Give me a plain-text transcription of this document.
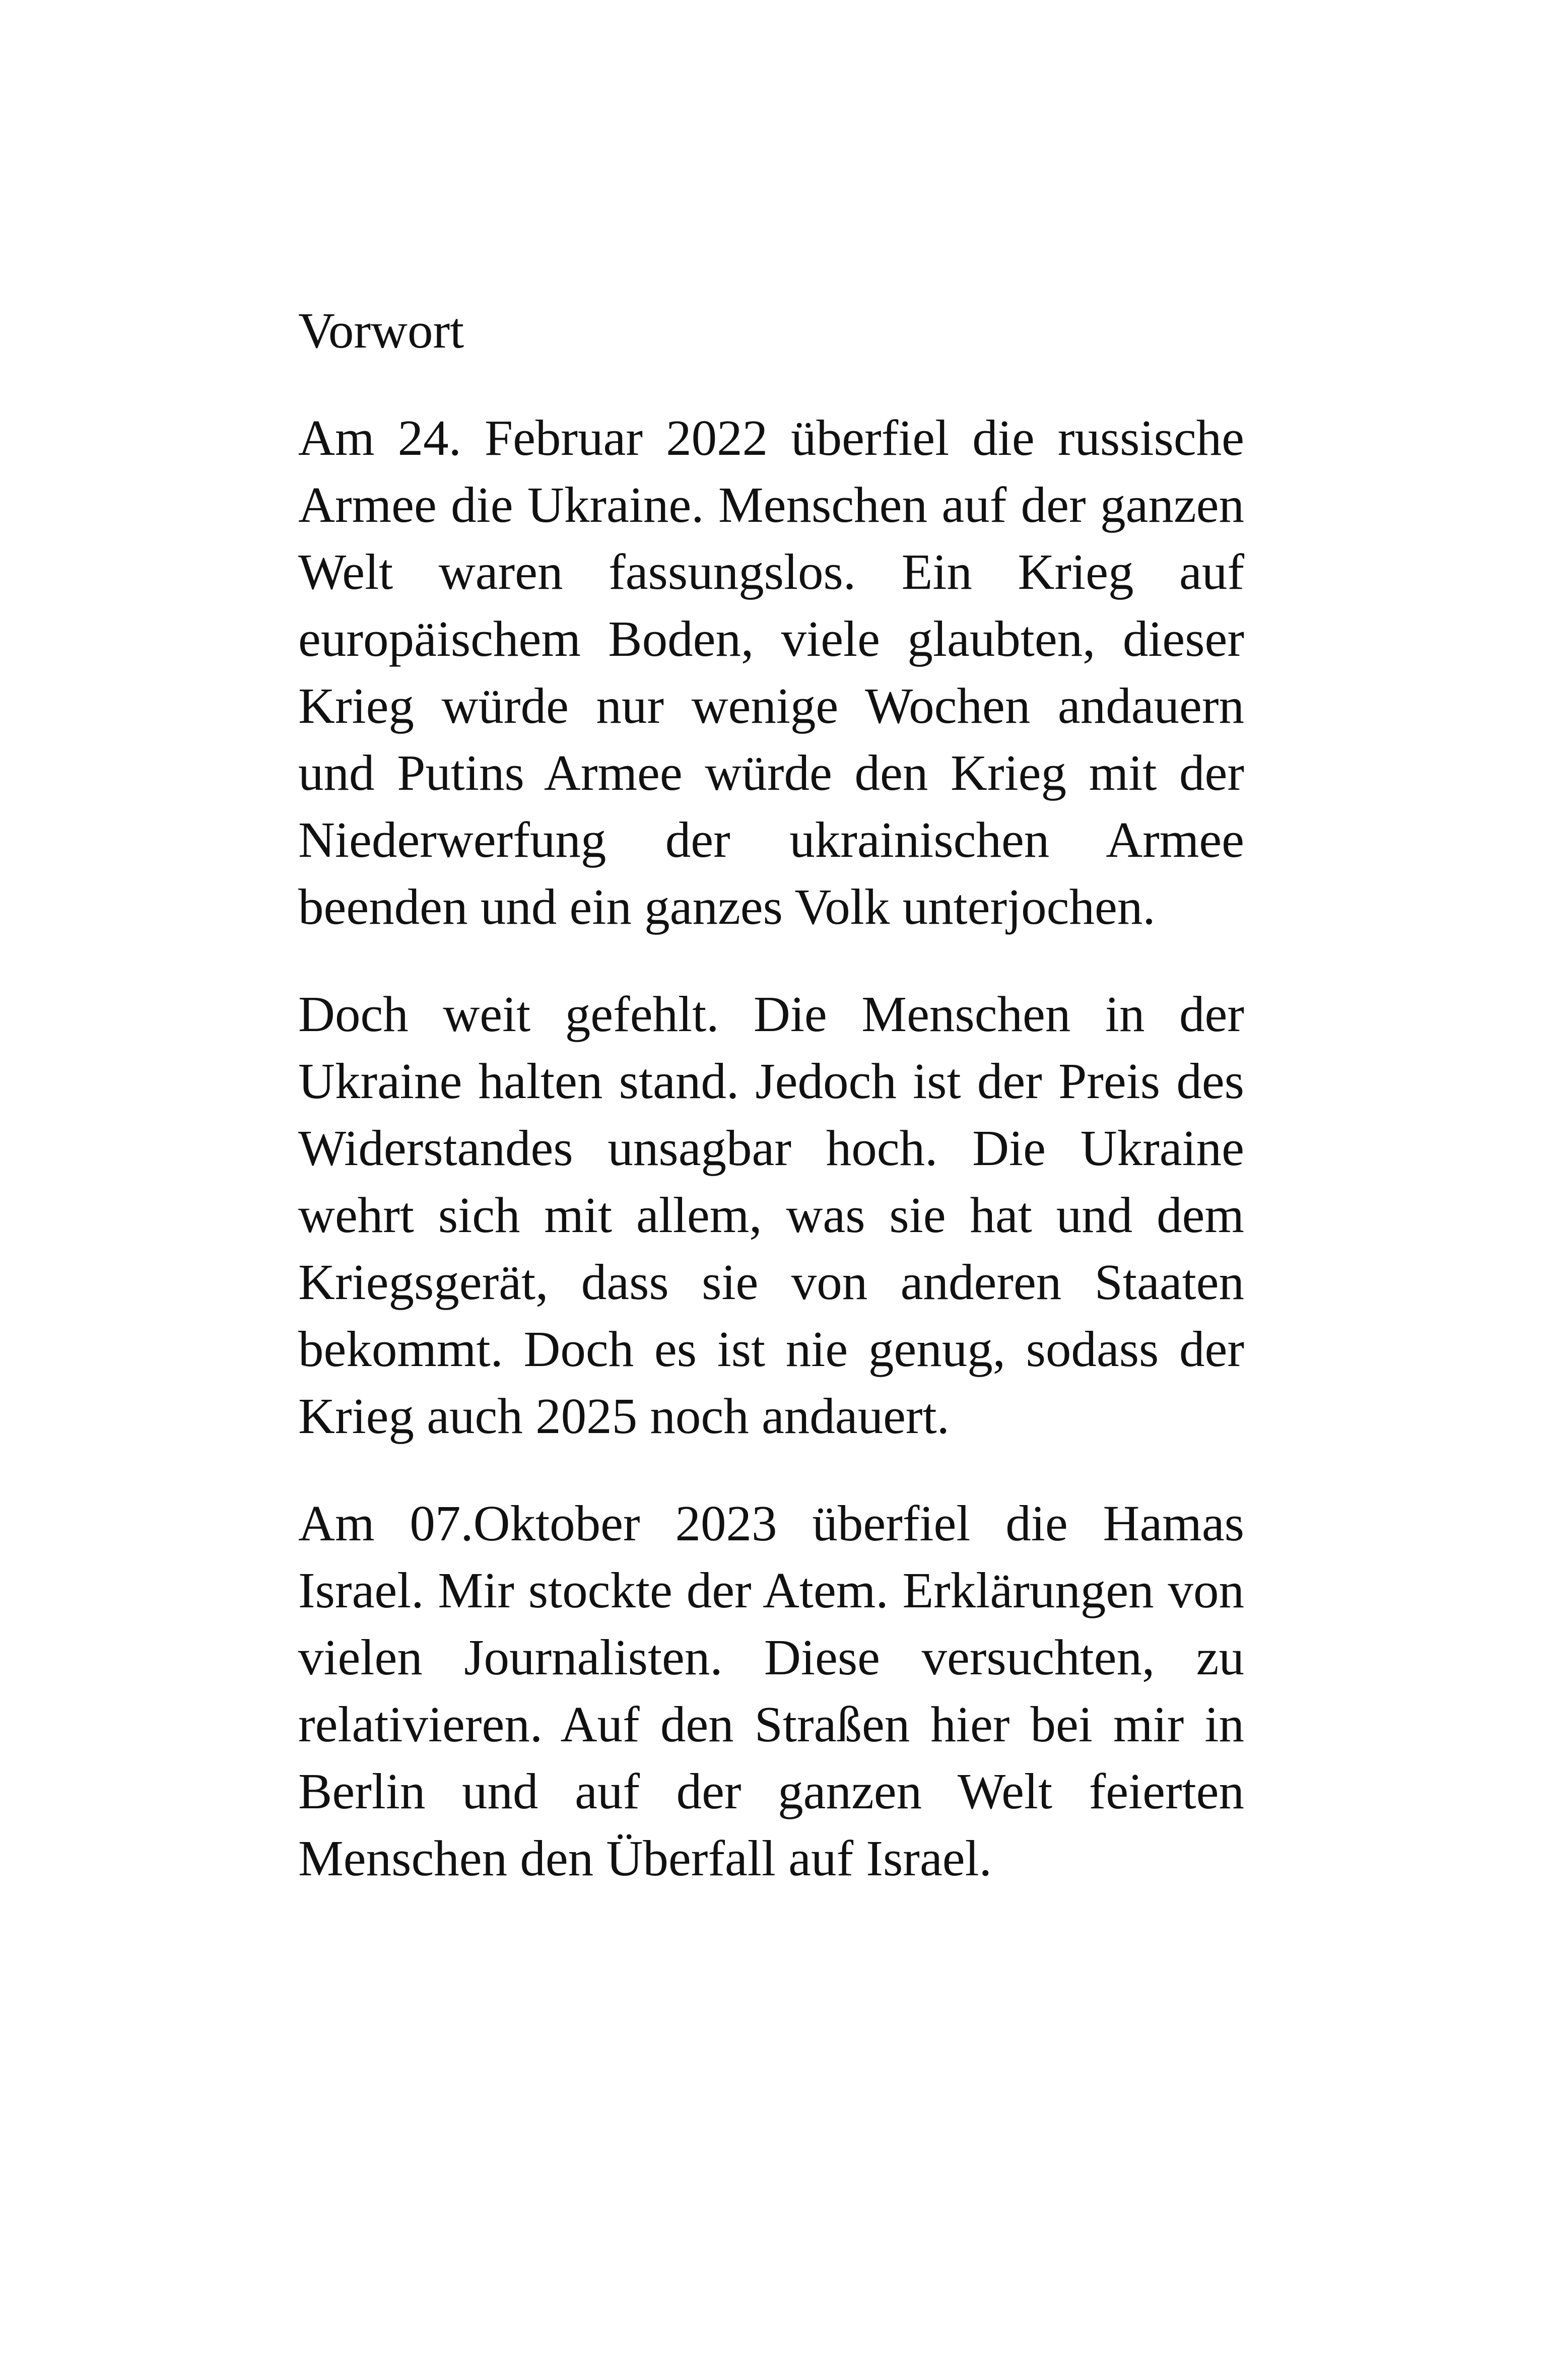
Vorwort

Am 24. Februar 2022 überfiel die russische Armee die Ukraine. Menschen auf der ganzen Welt waren fassungslos. Ein Krieg auf europäischem Boden, viele glaubten, dieser Krieg würde nur wenige Wochen andauern und Putins Armee würde den Krieg mit der Niederwerfung der ukrainischen Armee beenden und ein ganzes Volk unterjochen.

Doch weit gefehlt. Die Menschen in der Ukraine halten stand. Jedoch ist der Preis des Widerstandes unsagbar hoch. Die Ukraine wehrt sich mit allem, was sie hat und dem Kriegsgerät, dass sie von anderen Staaten bekommt. Doch es ist nie genug, sodass der Krieg auch 2025 noch andauert.

Am 07.Oktober 2023 überfiel die Hamas Israel. Mir stockte der Atem. Erklärungen von vielen Journalisten. Diese versuchten, zu relativieren. Auf den Straßen hier bei mir in Berlin und auf der ganzen Welt feierten Menschen den Überfall auf Israel.
